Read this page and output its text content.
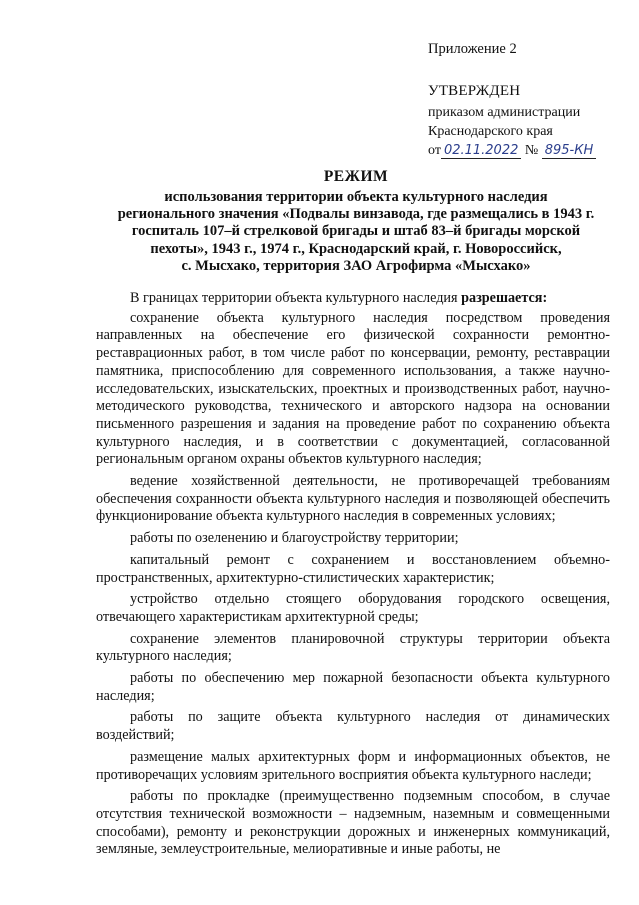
Приложение 2
УТВЕРЖДЕН
приказом администрации
Краснодарского края
от 02.11.2022 № 895-КН
РЕЖИМ
использования территории объекта культурного наследия
регионального значения «Подвалы винзавода, где размещались в 1943 г.
госпиталь 107–й стрелковой бригады и штаб 83–й бригады морской
пехоты», 1943 г., 1974 г., Краснодарский край, г. Новороссийск,
с. Мысхако, территория ЗАО Агрофирма «Мысхако»

В границах территории объекта культурного наследия разрешается:

сохранение объекта культурного наследия посредством проведения направленных на обеспечение его физической сохранности ремонтно-реставрационных работ, в том числе работ по консервации, ремонту, реставрации памятника, приспособлению для современного использования, а также научно-исследовательских, изыскательских, проектных и производственных работ, научно-методического руководства, технического и авторского надзора на основании письменного разрешения и задания на проведение работ по сохранению объекта культурного наследия, и в соответствии с документацией, согласованной региональным органом охраны объектов культурного наследия;

ведение хозяйственной деятельности, не противоречащей требованиям обеспечения сохранности объекта культурного наследия и позволяющей обеспечить функционирование объекта культурного наследия в современных условиях;

работы по озеленению и благоустройству территории;

капитальный ремонт с сохранением и восстановлением объемно-пространственных, архитектурно-стилистических характеристик;

устройство отдельно стоящего оборудования городского освещения, отвечающего характеристикам архитектурной среды;

сохранение элементов планировочной структуры территории объекта культурного наследия;

работы по обеспечению мер пожарной безопасности объекта культурного наследия;

работы по защите объекта культурного наследия от динамических воздействий;

размещение малых архитектурных форм и информационных объектов, не противоречащих условиям зрительного восприятия объекта культурного наследи;

работы по прокладке (преимущественно подземным способом, в случае отсутствия технической возможности – надземным, наземным и совмещенными способами), ремонту и реконструкции дорожных и инженерных коммуникаций, земляные, землеустроительные, мелиоративные и иные работы, не
